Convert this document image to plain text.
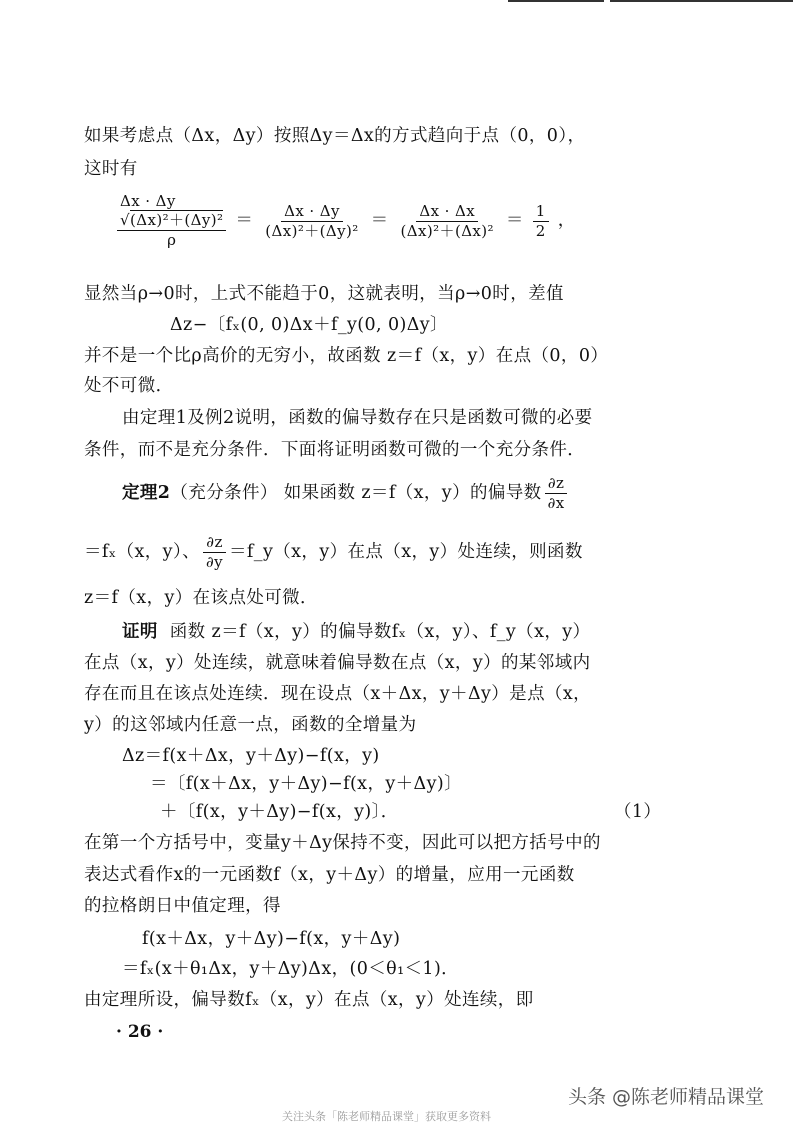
如果考虑点（Δx，Δy）按照Δy＝Δx的方式趋向于点（0，0），
这时有
Δx · Δy
√(Δx)²＋(Δy)²
ρ
＝ $\frac{\Delta x \cdot \Delta y}{\text{(Δx)²＋(Δy)²}} = \frac{\Delta x \cdot \Delta x}{\text{(Δx)²＋(Δx)²}} = \frac{1}{2}$ ，
显然当ρ→0时，上式不能趋于0，这就表明，当ρ→0时，差值
Δz−〔fₓ(0, 0)Δx＋f_y(0, 0)Δy〕
并不是一个比ρ高价的无穷小，故函数 z＝f（x，y）在点（0，0）
处不可微．
由定理1及例2说明，函数的偏导数存在只是函数可微的必要
条件，而不是充分条件．下面将证明函数可微的一个充分条件．
定理2（充分条件） 如果函数 z＝f（x，y）的偏导数 $\frac{\partial z}{\partial x}$
＝fₓ（x，y）、 $\frac{\partial z}{\partial y}$ ＝f_y（x，y）在点（x，y）处连续，则函数
z＝f（x，y）在该点处可微．
证明 函数 z＝f（x，y）的偏导数fₓ（x，y）、f_y（x，y）
在点（x，y）处连续，就意味着偏导数在点（x，y）的某邻域内
存在而且在该点处连续．现在设点（x＋Δx，y＋Δy）是点（x，
y）的这邻域内任意一点，函数的全增量为
Δz＝f(x＋Δx，y＋Δy)−f(x，y)
＝〔f(x＋Δx，y＋Δy)−f(x，y＋Δy)〕
＋〔f(x，y＋Δy)−f(x，y)〕．	（1）
在第一个方括号中，变量y＋Δy保持不变，因此可以把方括号中的
表达式看作x的一元函数f（x，y＋Δy）的增量，应用一元函数
的拉格朗日中值定理，得
f(x＋Δx，y＋Δy)−f(x，y＋Δy)
＝fₓ(x＋θ₁Δx，y＋Δy)Δx，(0＜θ₁＜1)．
由定理所设，偏导数fₓ（x，y）在点（x，y）处连续，即
· 26 ·
头条 @陈老师精品课堂
关注头条「陈老师精品课堂」获取更多资料
